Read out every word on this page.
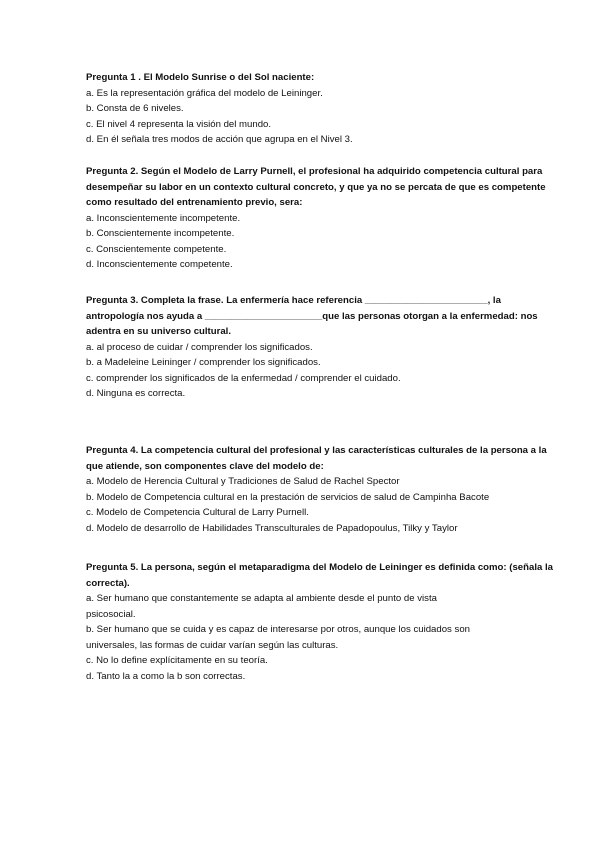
Pregunta 1 . El Modelo Sunrise o del Sol naciente:

a. Es la representación gráfica del modelo de Leininger.

b. Consta de 6 niveles.

c. El nivel 4 representa la visión del mundo.

d. En él señala tres modos de acción que agrupa en el Nivel 3.

Pregunta 2. Según el Modelo de Larry Purnell, el profesional ha adquirido competencia cultural para desempeñar su labor en un contexto cultural concreto, y que ya no se percata de que es competente como resultado del entrenamiento previo, sera:

a. Inconscientemente incompetente.

b. Conscientemente incompetente.

c. Conscientemente competente.

d. Inconscientemente competente.

Pregunta 3. Completa la frase. La enfermería hace referencia _______________________, la antropología nos ayuda a ______________________que las personas otorgan a la enfermedad: nos adentra en su universo cultural.

a. al proceso de cuidar / comprender los significados.

b. a Madeleine Leininger / comprender los significados.

c. comprender los significados de la enfermedad / comprender el cuidado.

d. Ninguna es correcta.

Pregunta 4. La competencia cultural del profesional y las características culturales de la persona a la que atiende, son componentes clave del modelo de:

a. Modelo de Herencia Cultural y Tradiciones de Salud de Rachel Spector

b. Modelo de Competencia cultural en la prestación de servicios de salud de Campinha Bacote

c. Modelo de Competencia Cultural de Larry Purnell.

d. Modelo de desarrollo de Habilidades Transculturales de Papadopoulus, Tilky y Taylor

Pregunta 5. La persona, según el metaparadigma del Modelo de Leininger es definida como: (señala la correcta).

a. Ser humano que constantemente se adapta al ambiente desde el punto de vista psicosocial.

b. Ser humano que se cuida y es capaz de interesarse por otros, aunque los cuidados son universales, las formas de cuidar varían según las culturas.

c. No lo define explícitamente en su teoría.

d. Tanto la a como la b son correctas.
